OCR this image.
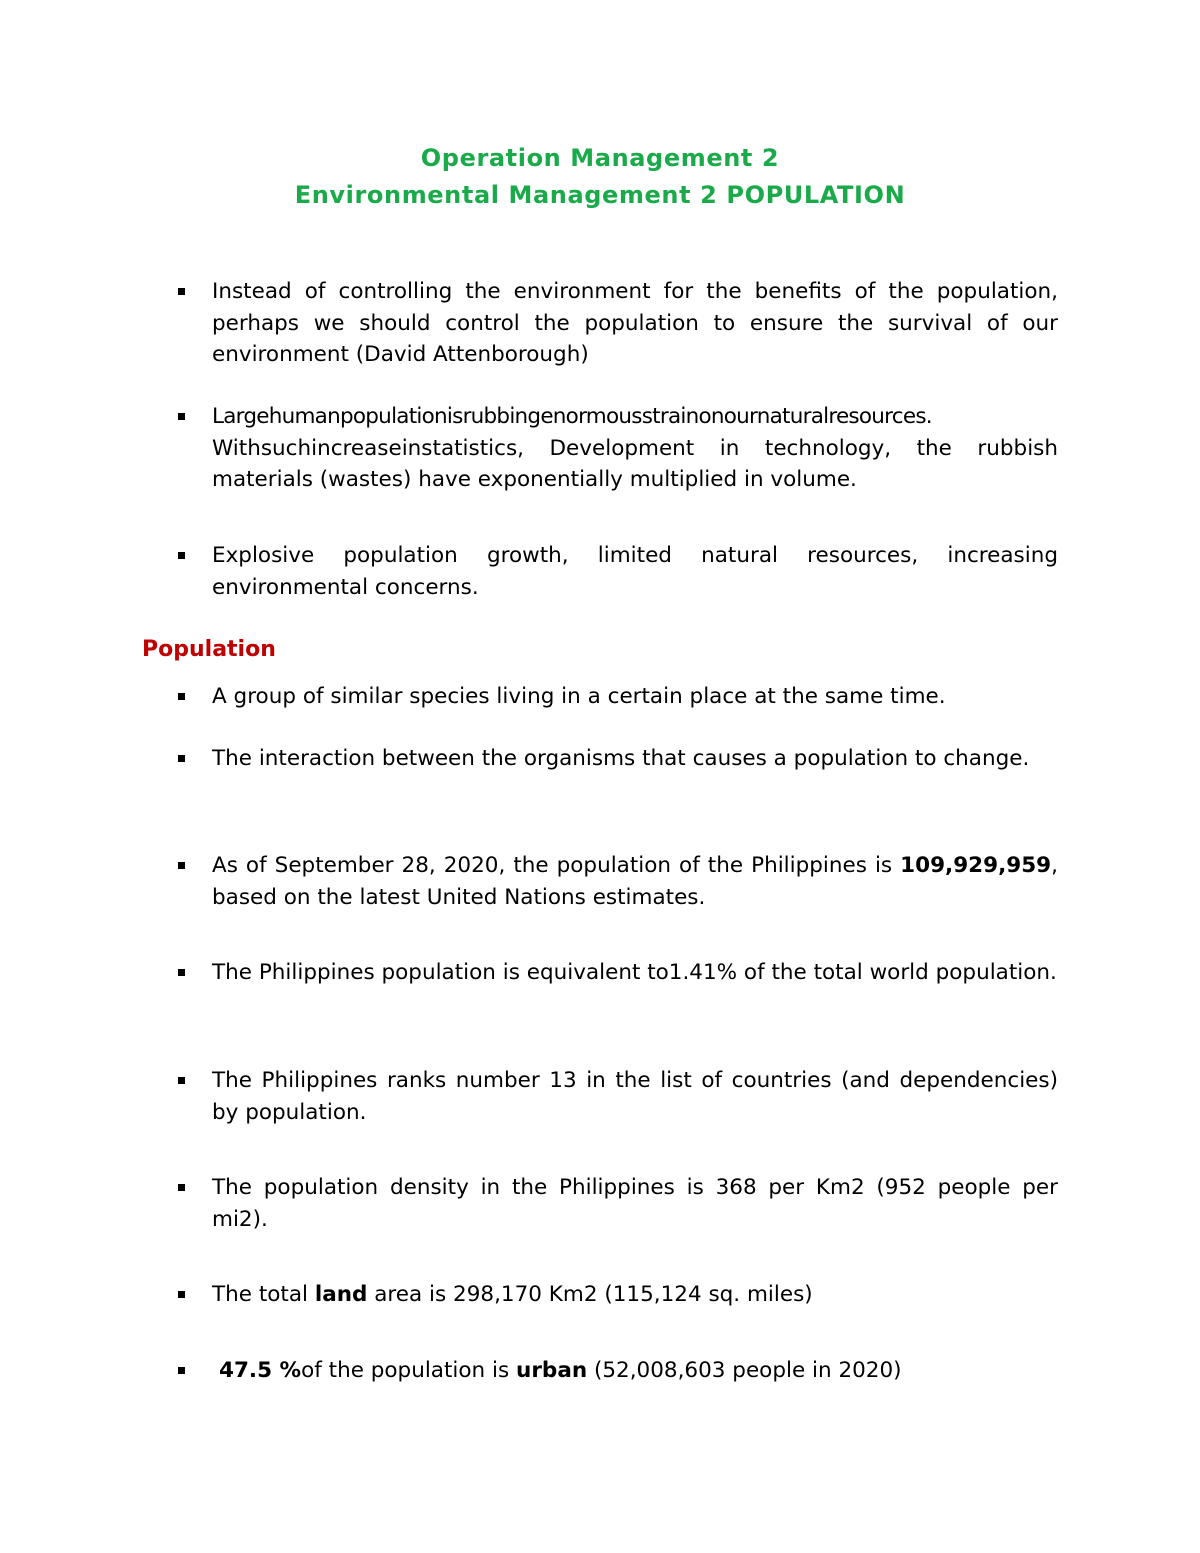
Operation Management 2
Environmental Management 2 POPULATION
Instead of controlling the environment for the benefits of the population, perhaps we should control the population to ensure the survival of our environment (David Attenborough)
Largehumanpopulationisrubbingenormousstrainonournaturalresources.
Withsuchincreaseinstatistics, Development in technology, the rubbish materials (wastes) have exponentially multiplied in volume.
Explosive population growth, limited natural resources, increasing environmental concerns.
Population
A group of similar species living in a certain place at the same time.
The interaction between the organisms that causes a population to change.
As of September 28, 2020, the population of the Philippines is 109,929,959, based on the latest United Nations estimates.
The Philippines population is equivalent to1.41% of the total world population.
The Philippines ranks number 13 in the list of countries (and dependencies) by population.
The population density in the Philippines is 368 per Km2 (952 people per mi2).
The total land area is 298,170 Km2 (115,124 sq. miles)
47.5 %of the population is urban (52,008,603 people in 2020)
